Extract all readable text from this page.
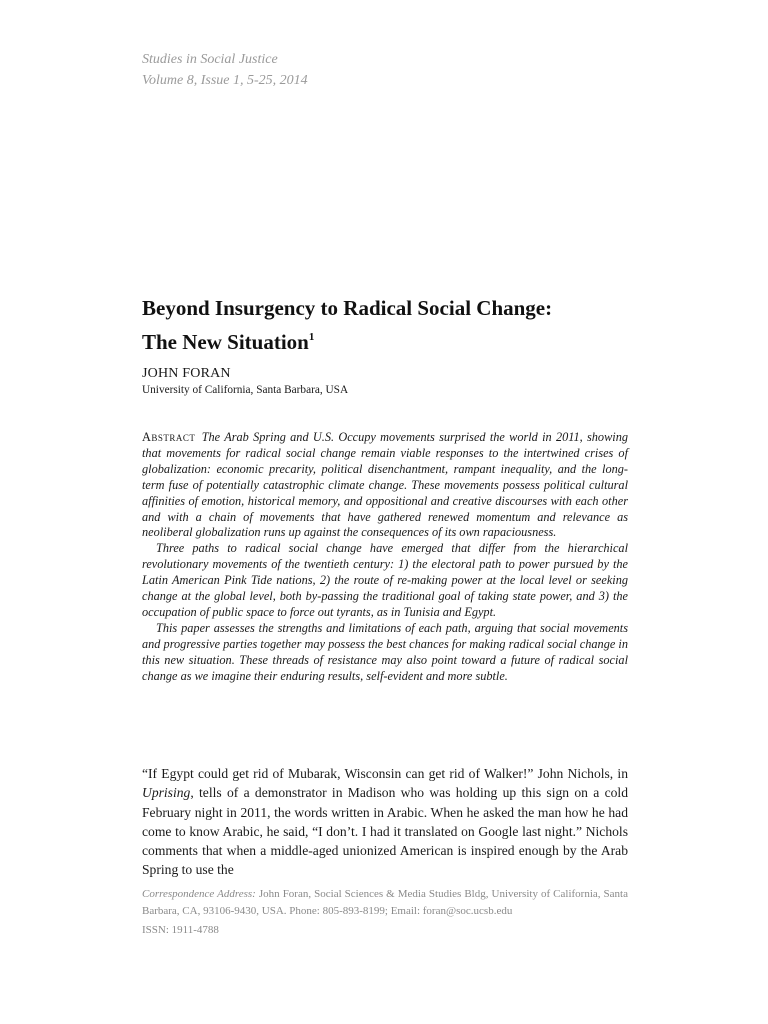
Studies in Social Justice
Volume 8, Issue 1, 5-25, 2014
Beyond Insurgency to Radical Social Change:
The New Situation$^1$
JOHN FORAN
University of California, Santa Barbara, USA

Abstract The Arab Spring and U.S. Occupy movements surprised the world in 2011, showing that movements for radical social change remain viable responses to the intertwined crises of globalization: economic precarity, political disenchantment, rampant inequality, and the long-term fuse of potentially catastrophic climate change. These movements possess political cultural affinities of emotion, historical memory, and oppositional and creative discourses with each other and with a chain of movements that have gathered renewed momentum and relevance as neoliberal globalization runs up against the consequences of its own rapaciousness.

Three paths to radical social change have emerged that differ from the hierarchical revolutionary movements of the twentieth century: 1) the electoral path to power pursued by the Latin American Pink Tide nations, 2) the route of re-making power at the local level or seeking change at the global level, both by-passing the traditional goal of taking state power, and 3) the occupation of public space to force out tyrants, as in Tunisia and Egypt.

This paper assesses the strengths and limitations of each path, arguing that social movements and progressive parties together may possess the best chances for making radical social change in this new situation. These threads of resistance may also point toward a future of radical social change as we imagine their enduring results, self-evident and more subtle.

“If Egypt could get rid of Mubarak, Wisconsin can get rid of Walker!” John Nichols, in Uprising, tells of a demonstrator in Madison who was holding up this sign on a cold February night in 2011, the words written in Arabic. When he asked the man how he had come to know Arabic, he said, “I don’t. I had it translated on Google last night.” Nichols comments that when a middle-aged unionized American is inspired enough by the Arab Spring to use the

Correspondence Address: John Foran, Social Sciences & Media Studies Bldg, University of California, Santa Barbara, CA, 93106-9430, USA. Phone: 805-893-8199; Email: foran@soc.ucsb.edu
ISSN: 1911-4788
